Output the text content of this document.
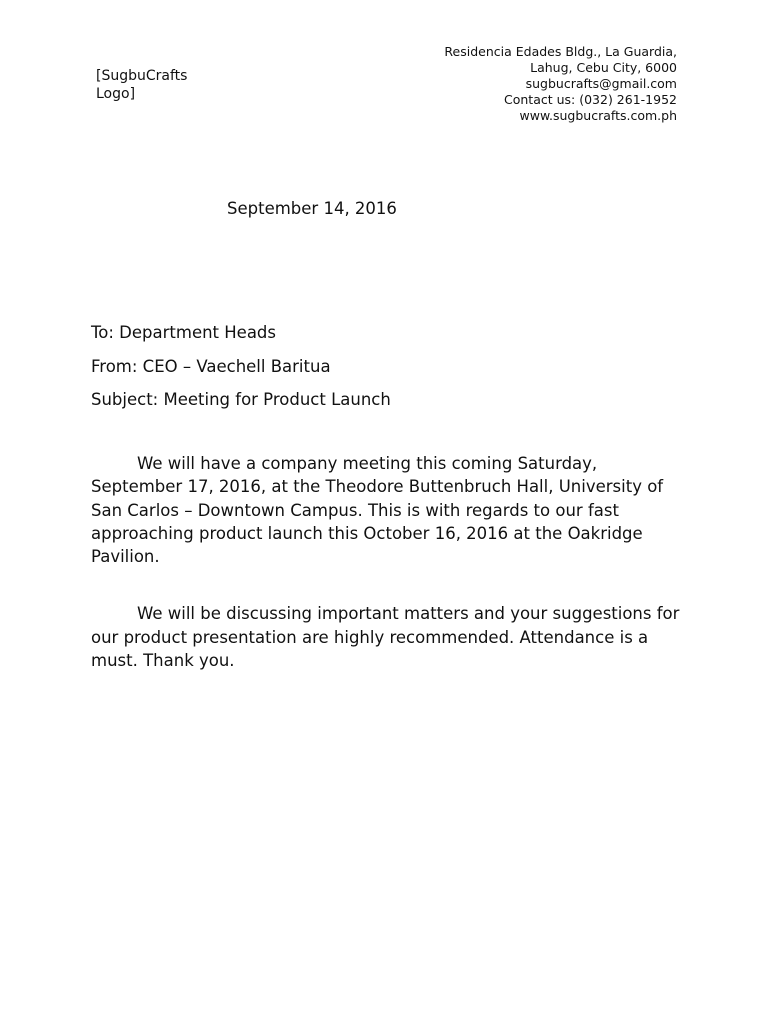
[SugbuCrafts Logo]
Residencia Edades Bldg., La Guardia,
Lahug, Cebu City, 6000
sugbucrafts@gmail.com
Contact us: (032) 261-1952
www.sugbucrafts.com.ph
September 14, 2016
To: Department Heads
From: CEO – Vaechell Baritua
Subject: Meeting for Product Launch

We will have a company meeting this coming Saturday, September 17, 2016, at the Theodore Buttenbruch Hall, University of San Carlos – Downtown Campus. This is with regards to our fast approaching product launch this October 16, 2016 at the Oakridge Pavilion.

We will be discussing important matters and your suggestions for our product presentation are highly recommended. Attendance is a must. Thank you.
